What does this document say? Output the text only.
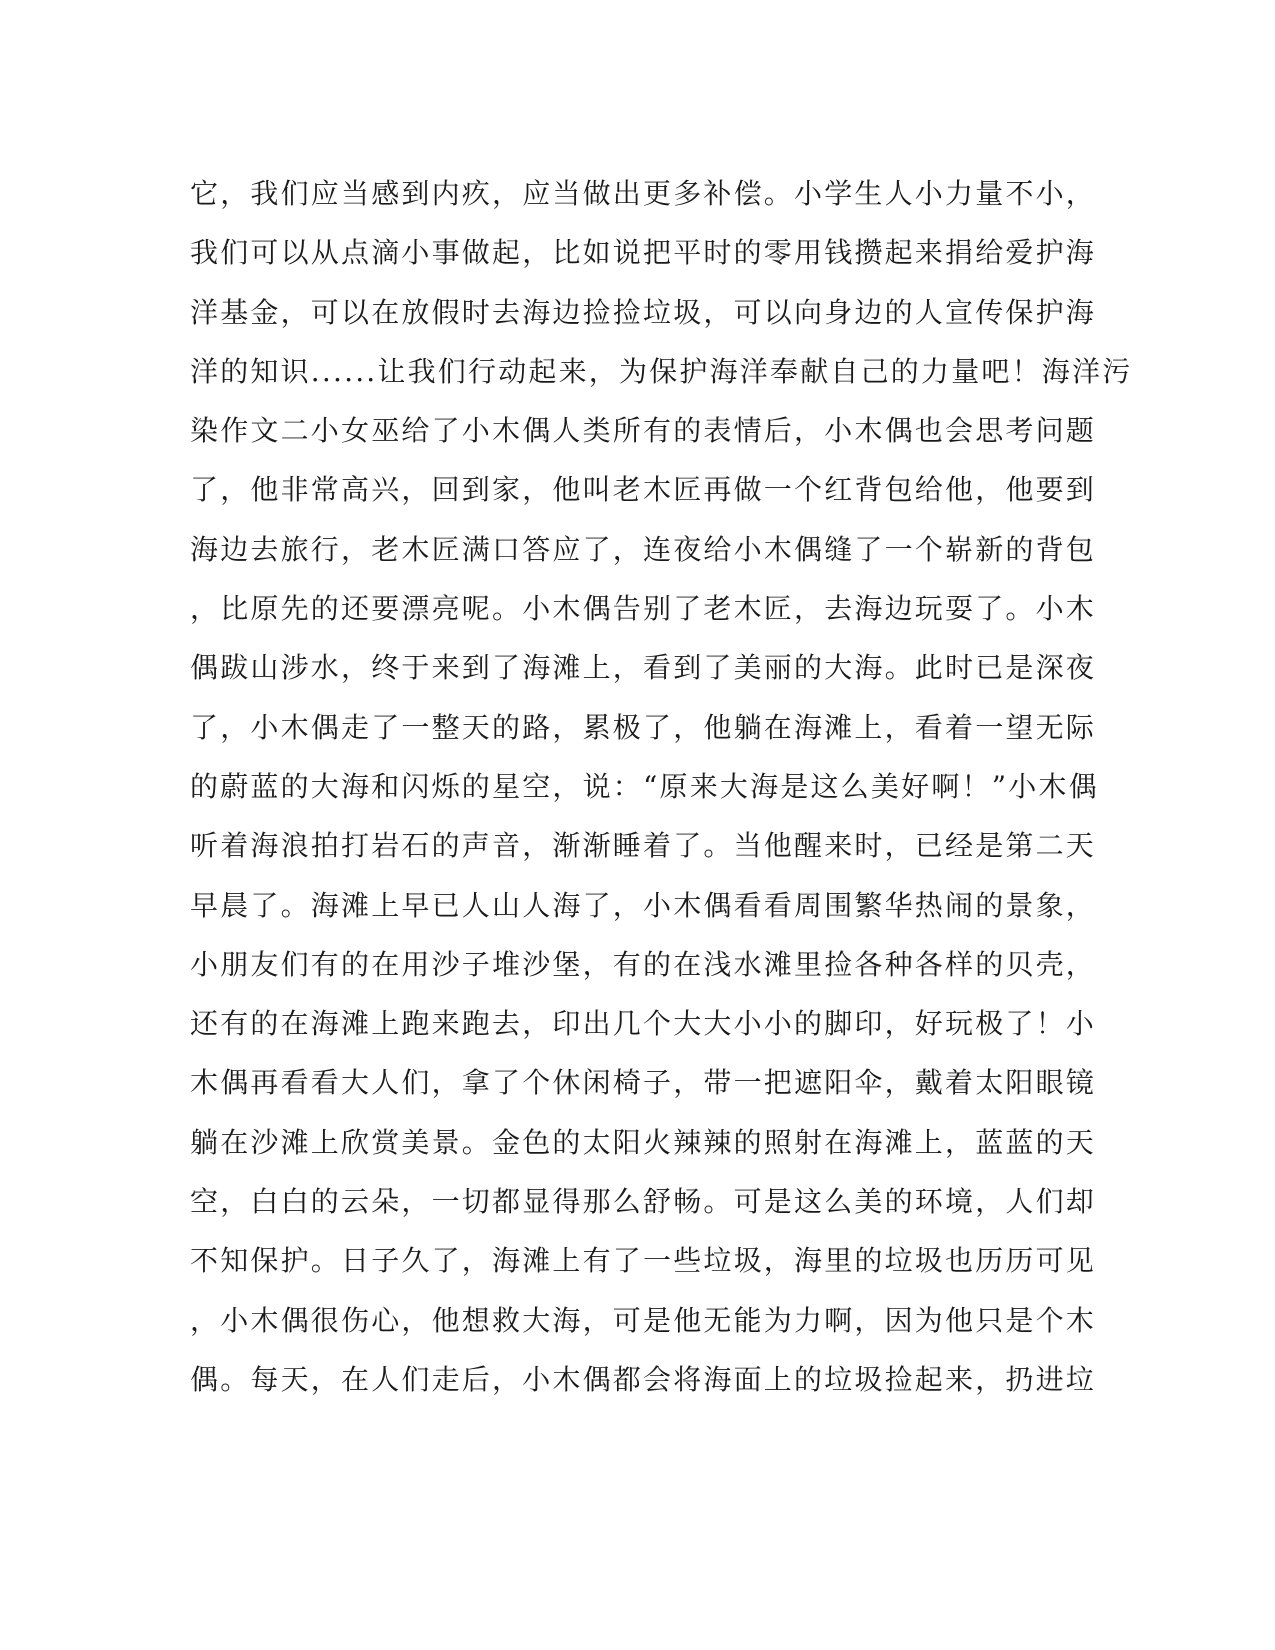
它，我们应当感到内疚，应当做出更多补偿。小学生人小力量不小，
我们可以从点滴小事做起，比如说把平时的零用钱攒起来捐给爱护海
洋基金，可以在放假时去海边捡捡垃圾，可以向身边的人宣传保护海
洋的知识......让我们行动起来，为保护海洋奉献自己的力量吧！海洋污
染作文二小女巫给了小木偶人类所有的表情后，小木偶也会思考问题
了，他非常高兴，回到家，他叫老木匠再做一个红背包给他，他要到
海边去旅行，老木匠满口答应了，连夜给小木偶缝了一个崭新的背包
，比原先的还要漂亮呢。小木偶告别了老木匠，去海边玩耍了。小木
偶跋山涉水，终于来到了海滩上，看到了美丽的大海。此时已是深夜
了，小木偶走了一整天的路，累极了，他躺在海滩上，看着一望无际
的蔚蓝的大海和闪烁的星空，说：“原来大海是这么美好啊！”小木偶
听着海浪拍打岩石的声音，渐渐睡着了。当他醒来时，已经是第二天
早晨了。海滩上早已人山人海了，小木偶看看周围繁华热闹的景象，
小朋友们有的在用沙子堆沙堡，有的在浅水滩里捡各种各样的贝壳，
还有的在海滩上跑来跑去，印出几个大大小小的脚印，好玩极了！小
木偶再看看大人们，拿了个休闲椅子，带一把遮阳伞，戴着太阳眼镜
躺在沙滩上欣赏美景。金色的太阳火辣辣的照射在海滩上，蓝蓝的天
空，白白的云朵，一切都显得那么舒畅。可是这么美的环境，人们却
不知保护。日子久了，海滩上有了一些垃圾，海里的垃圾也历历可见
，小木偶很伤心，他想救大海，可是他无能为力啊，因为他只是个木
偶。每天，在人们走后，小木偶都会将海面上的垃圾捡起来，扔进垃
